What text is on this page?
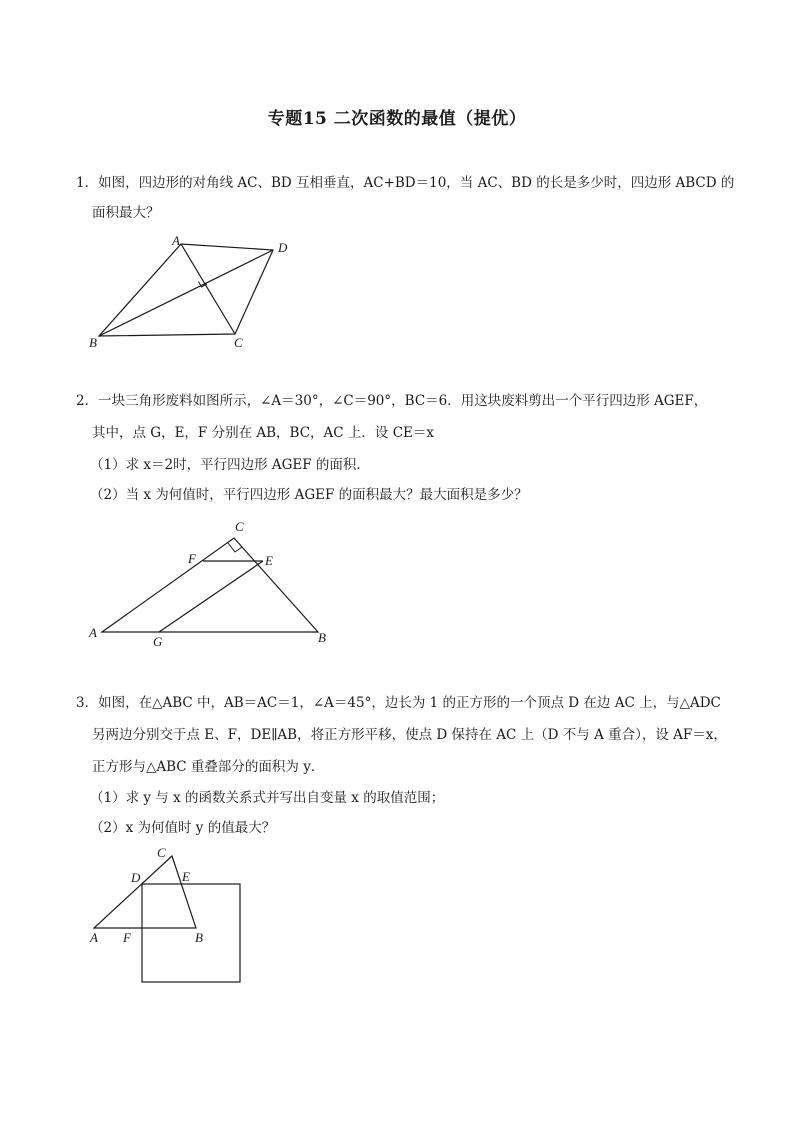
专题15 二次函数的最值（提优）
1．如图，四边形的对角线 AC、BD 互相垂直，AC+BD＝10，当 AC、BD 的长是多少时，四边形 ABCD 的
面积最大？
A	D
B	C
2．一块三角形废料如图所示，∠A＝30°，∠C＝90°，BC＝6．用这块废料剪出一个平行四边形 AGEF，
其中，点 G，E，F 分别在 AB，BC，AC 上．设 CE＝x
（1）求 x＝2时，平行四边形 AGEF 的面积．
（2）当 x 为何值时，平行四边形 AGEF 的面积最大？最大面积是多少？
C
F	E
A
G	B
3．如图，在△ABC 中，AB＝AC＝1，∠A＝45°，边长为 1 的正方形的一个顶点 D 在边 AC 上，与△ADC
另两边分别交于点 E、F，DE∥AB，将正方形平移，使点 D 保持在 AC 上（D 不与 A 重合），设 AF＝x，
正方形与△ABC 重叠部分的面积为 y．
（1）求 y 与 x 的函数关系式并写出自变量 x 的取值范围；
（2）x 为何值时 y 的值最大？
C
D	E
A F	B
